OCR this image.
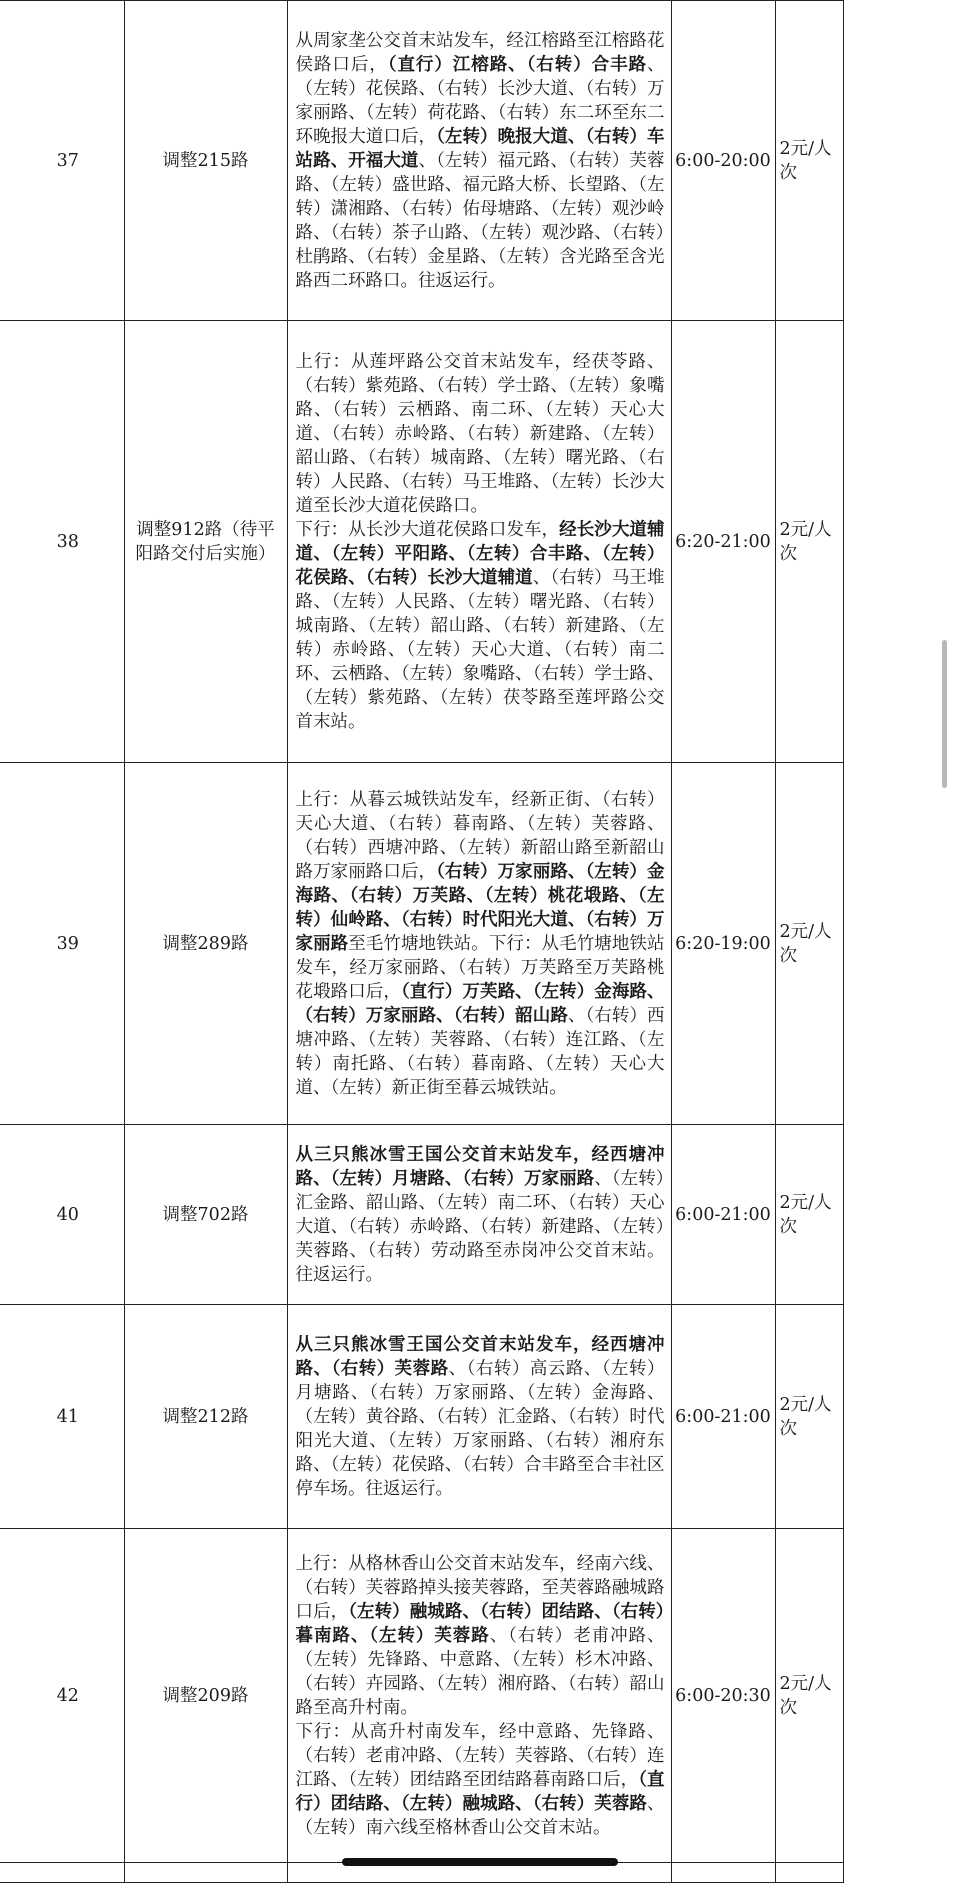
37	调整215路	从周家垄公交首末站发车，经江榕路至江榕路花侯路口后，（直行）江榕路、（右转）合丰路、（左转）花侯路、（右转）长沙大道、（右转）万家丽路、（左转）荷花路、（右转）东二环至东二环晚报大道口后，（左转）晚报大道、（右转）车站路、开福大道、（左转）福元路、（右转）芙蓉路、（左转）盛世路、福元路大桥、长望路、（左转）潇湘路、（右转）佑母塘路、（左转）观沙岭路、（右转）茶子山路、（左转）观沙路、（右转）杜鹃路、（右转）金星路、（左转）含光路至含光路西二环路口。往返运行。	6:00-20:00	2元/人次
38	调整912路（待平阳路交付后实施）	上行：从莲坪路公交首末站发车，经茯苓路、（右转）紫苑路、（右转）学士路、（左转）象嘴路、（右转）云栖路、南二环、（左转）天心大道、（右转）赤岭路、（右转）新建路、（左转）韶山路、（右转）城南路、（左转）曙光路、（右转）人民路、（右转）马王堆路、（左转）长沙大道至长沙大道花侯路口。
下行：从长沙大道花侯路口发车，经长沙大道辅道、（左转）平阳路、（左转）合丰路、（左转）花侯路、（右转）长沙大道辅道、（右转）马王堆路、（左转）人民路、（左转）曙光路、（右转）城南路、（左转）韶山路、（右转）新建路、（左转）赤岭路、（左转）天心大道、（右转）南二环、云栖路、（左转）象嘴路、（右转）学士路、（左转）紫苑路、（左转）茯苓路至莲坪路公交首末站。	6:20-21:00	2元/人次
39	调整289路	上行：从暮云城铁站发车，经新正街、（右转）天心大道、（右转）暮南路、（左转）芙蓉路、（右转）西塘冲路、（左转）新韶山路至新韶山路万家丽路口后，（右转）万家丽路、（左转）金海路、（右转）万芙路、（左转）桃花塅路、（左转）仙岭路、（右转）时代阳光大道、（右转）万家丽路至毛竹塘地铁站。下行：从毛竹塘地铁站发车，经万家丽路、（右转）万芙路至万芙路桃花塅路口后，（直行）万芙路、（左转）金海路、（右转）万家丽路、（右转）韶山路、（右转）西塘冲路、（左转）芙蓉路、（右转）连江路、（左转）南托路、（右转）暮南路、（左转）天心大道、（左转）新正街至暮云城铁站。	6:20-19:00	2元/人次
40	调整702路	从三只熊冰雪王国公交首末站发车，经西塘冲路、（左转）月塘路、（右转）万家丽路、（左转）汇金路、韶山路、（左转）南二环、（右转）天心大道、（右转）赤岭路、（右转）新建路、（左转）芙蓉路、（右转）劳动路至赤岗冲公交首末站。往返运行。	6:00-21:00	2元/人次
41	调整212路	从三只熊冰雪王国公交首末站发车，经西塘冲路、（右转）芙蓉路、（右转）高云路、（左转）月塘路、（右转）万家丽路、（左转）金海路、（左转）黄谷路、（右转）汇金路、（右转）时代阳光大道、（左转）万家丽路、（右转）湘府东路、（左转）花侯路、（右转）合丰路至合丰社区停车场。往返运行。	6:00-21:00	2元/人次
42	调整209路	上行：从格林香山公交首末站发车，经南六线、（右转）芙蓉路掉头接芙蓉路，至芙蓉路融城路口后，（左转）融城路、（右转）团结路、（右转）暮南路、（左转）芙蓉路、（右转）老甫冲路、（左转）先锋路、中意路、（左转）杉木冲路、（右转）卉园路、（左转）湘府路、（右转）韶山路至高升村南。
下行：从高升村南发车，经中意路、先锋路、（右转）老甫冲路、（左转）芙蓉路、（右转）连江路、（左转）团结路至团结路暮南路口后，（直行）团结路、（左转）融城路、（右转）芙蓉路、（左转）南六线至格林香山公交首末站。	6:00-20:30	2元/人次
